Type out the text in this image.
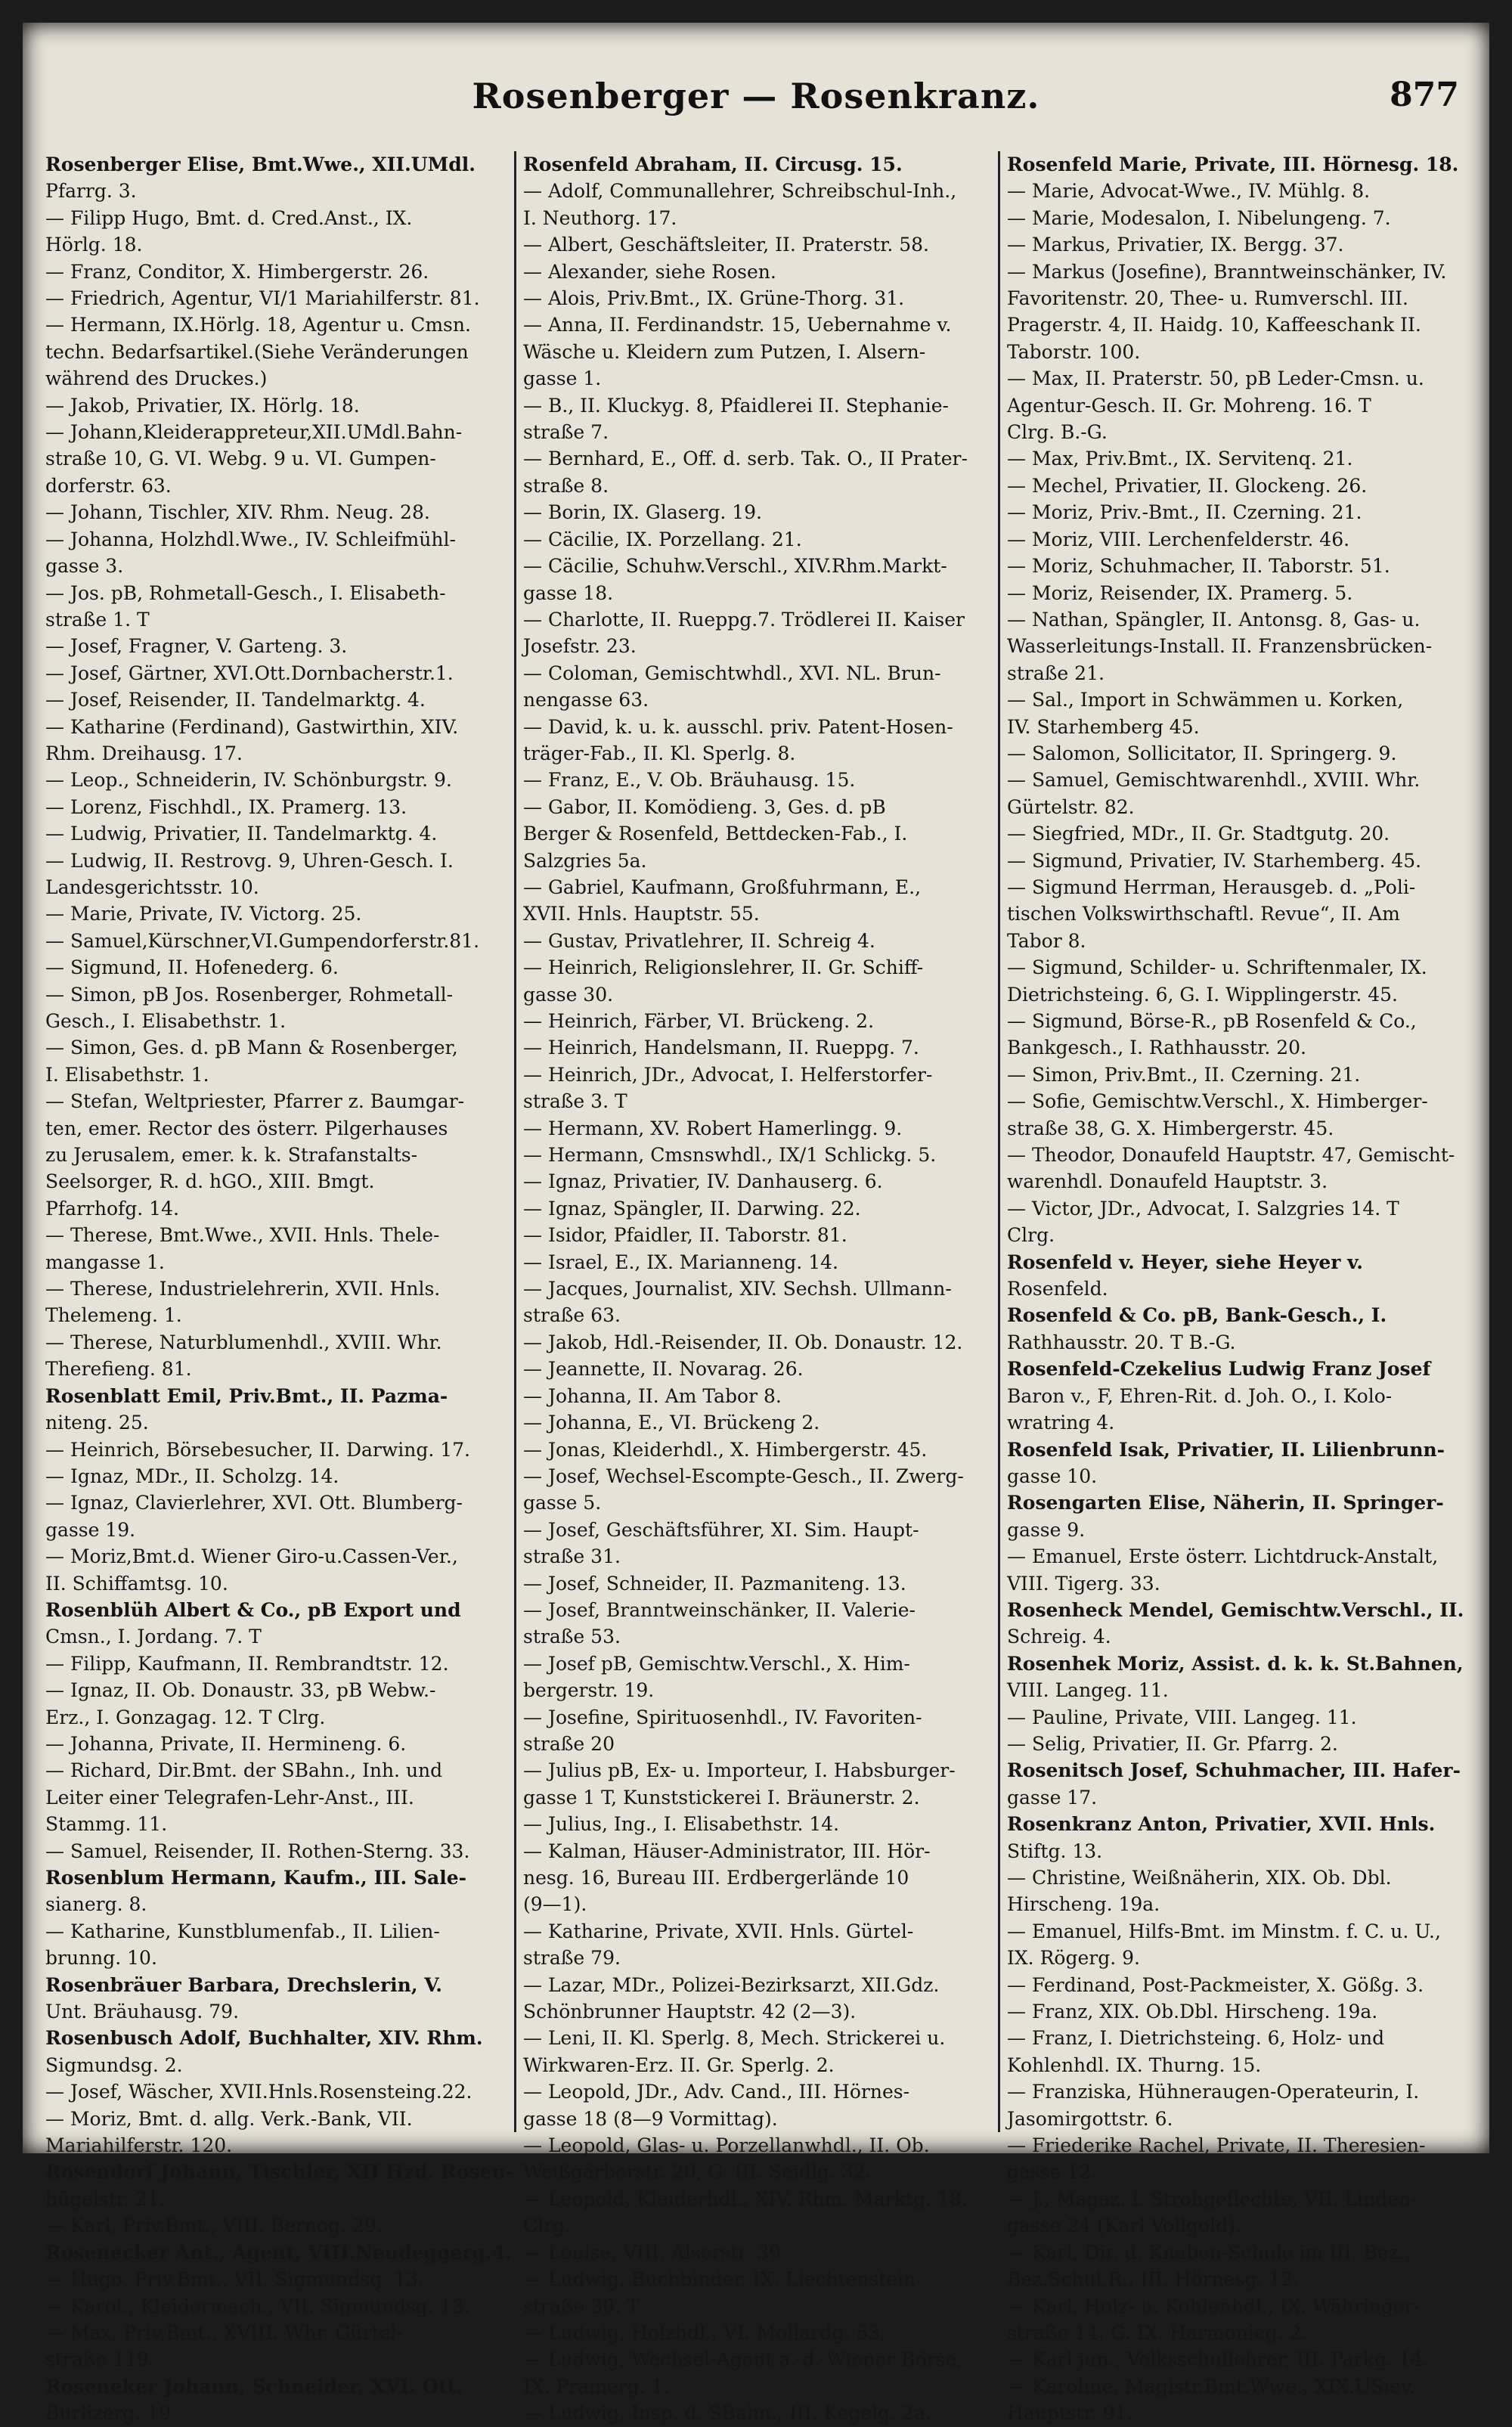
Rosenberger — Rosenkranz.	877
Rosenberger Elise, Bmt.Wwe., XII.UMdl.
Pfarrg. 3.
— Filipp Hugo, Bmt. d. Cred.Anst., IX.
Hörlg. 18.
— Franz, Conditor, X. Himbergerstr. 26.
— Friedrich, Agentur, VI/1 Mariahilferstr. 81.
— Hermann, IX.Hörlg. 18, Agentur u. Cmsn.
techn. Bedarfsartikel.(Siehe Veränderungen
während des Druckes.)
— Jakob, Privatier, IX. Hörlg. 18.
— Johann,Kleiderappreteur,XII.UMdl.Bahn-
straße 10, G. VI. Webg. 9 u. VI. Gumpen-
dorferstr. 63.
— Johann, Tischler, XIV. Rhm. Neug. 28.
— Johanna, Holzhdl.Wwe., IV. Schleifmühl-
gasse 3.
— Jos. pB, Rohmetall-Gesch., I. Elisabeth-
straße 1. T
— Josef, Fragner, V. Garteng. 3.
— Josef, Gärtner, XVI.Ott.Dornbacherstr.1.
— Josef, Reisender, II. Tandelmarktg. 4.
— Katharine (Ferdinand), Gastwirthin, XIV.
Rhm. Dreihausg. 17.
— Leop., Schneiderin, IV. Schönburgstr. 9.
— Lorenz, Fischhdl., IX. Pramerg. 13.
— Ludwig, Privatier, II. Tandelmarktg. 4.
— Ludwig, II. Restrovg. 9, Uhren-Gesch. I.
Landesgerichtsstr. 10.
— Marie, Private, IV. Victorg. 25.
— Samuel,Kürschner,VI.Gumpendorferstr.81.
— Sigmund, II. Hofenederg. 6.
— Simon, pB Jos. Rosenberger, Rohmetall-
Gesch., I. Elisabethstr. 1.
— Simon, Ges. d. pB Mann & Rosenberger,
I. Elisabethstr. 1.
— Stefan, Weltpriester, Pfarrer z. Baumgar-
ten, emer. Rector des österr. Pilgerhauses
zu Jerusalem, emer. k. k. Strafanstalts-
Seelsorger, R. d. hGO., XIII. Bmgt.
Pfarrhofg. 14.
— Therese, Bmt.Wwe., XVII. Hnls. Thele-
mangasse 1.
— Therese, Industrielehrerin, XVII. Hnls.
Thelemeng. 1.
— Therese, Naturblumenhdl., XVIII. Whr.
Therefieng. 81.
Rosenblatt Emil, Priv.Bmt., II. Pazma-
niteng. 25.
— Heinrich, Börsebesucher, II. Darwing. 17.
— Ignaz, MDr., II. Scholzg. 14.
— Ignaz, Clavierlehrer, XVI. Ott. Blumberg-
gasse 19.
— Moriz,Bmt.d. Wiener Giro-u.Cassen-Ver.,
II. Schiffamtsg. 10.
Rosenblüh Albert & Co., pB Export und
Cmsn., I. Jordang. 7. T
— Filipp, Kaufmann, II. Rembrandtstr. 12.
— Ignaz, II. Ob. Donaustr. 33, pB Webw.-
Erz., I. Gonzagag. 12. T Clrg.
— Johanna, Private, II. Hermineng. 6.
— Richard, Dir.Bmt. der SBahn., Inh. und
Leiter einer Telegrafen-Lehr-Anst., III.
Stammg. 11.
— Samuel, Reisender, II. Rothen-Sterng. 33.
Rosenblum Hermann, Kaufm., III. Sale-
sianerg. 8.
— Katharine, Kunstblumenfab., II. Lilien-
brunng. 10.
Rosenbräuer Barbara, Drechslerin, V.
Unt. Bräuhausg. 79.
Rosenbusch Adolf, Buchhalter, XIV. Rhm.
Sigmundsg. 2.
— Josef, Wäscher, XVII.Hnls.Rosensteing.22.
— Moriz, Bmt. d. allg. Verk.-Bank, VII.
Mariahilferstr. 120.
Rosendorf Johann, Tischler, XII Hzd. Rosen-
hügelstr. 21.
— Karl, Priv.Bmt., VIII. Bernog. 29.
Rosenecker Ant., Agent, VIII.Neudeggerg.4.
— Hugo, Priv.Bmt., VII. Sigmundsg. 13.
— Karol., Kleidermach., VII. Sigmundsg. 13.
— Max, Priv.Bmt., XVIII. Whr. Gürtel-
straße 119.
Roseneker Johann, Schneider, XVI. Ott.
Burlizerg. 19
Rosenfeld Abraham, II. Circusg. 15.
— Adolf, Communallehrer, Schreibschul-Inh.,
I. Neuthorg. 17.
— Albert, Geschäftsleiter, II. Praterstr. 58.
— Alexander, siehe Rosen.
— Alois, Priv.Bmt., IX. Grüne-Thorg. 31.
— Anna, II. Ferdinandstr. 15, Uebernahme v.
Wäsche u. Kleidern zum Putzen, I. Alsern-
gasse 1.
— B., II. Kluckyg. 8, Pfaidlerei II. Stephanie-
straße 7.
— Bernhard, E., Off. d. serb. Tak. O., II Prater-
straße 8.
— Borin, IX. Glaserg. 19.
— Cäcilie, IX. Porzellang. 21.
— Cäcilie, Schuhw.Verschl., XIV.Rhm.Markt-
gasse 18.
— Charlotte, II. Rueppg.7. Trödlerei II. Kaiser
Josefstr. 23.
— Coloman, Gemischtwhdl., XVI. NL. Brun-
nengasse 63.
— David, k. u. k. ausschl. priv. Patent-Hosen-
träger-Fab., II. Kl. Sperlg. 8.
— Franz, E., V. Ob. Bräuhausg. 15.
— Gabor, II. Komödieng. 3, Ges. d. pB
Berger & Rosenfeld, Bettdecken-Fab., I.
Salzgries 5a.
— Gabriel, Kaufmann, Großfuhrmann, E.,
XVII. Hnls. Hauptstr. 55.
— Gustav, Privatlehrer, II. Schreig 4.
— Heinrich, Religionslehrer, II. Gr. Schiff-
gasse 30.
— Heinrich, Färber, VI. Brückeng. 2.
— Heinrich, Handelsmann, II. Rueppg. 7.
— Heinrich, JDr., Advocat, I. Helferstorfer-
straße 3. T
— Hermann, XV. Robert Hamerlingg. 9.
— Hermann, Cmsnswhdl., IX/1 Schlickg. 5.
— Ignaz, Privatier, IV. Danhauserg. 6.
— Ignaz, Spängler, II. Darwing. 22.
— Isidor, Pfaidler, II. Taborstr. 81.
— Israel, E., IX. Marianneng. 14.
— Jacques, Journalist, XIV. Sechsh. Ullmann-
straße 63.
— Jakob, Hdl.-Reisender, II. Ob. Donaustr. 12.
— Jeannette, II. Novarag. 26.
— Johanna, II. Am Tabor 8.
— Johanna, E., VI. Brückeng 2.
— Jonas, Kleiderhdl., X. Himbergerstr. 45.
— Josef, Wechsel-Escompte-Gesch., II. Zwerg-
gasse 5.
— Josef, Geschäftsführer, XI. Sim. Haupt-
straße 31.
— Josef, Schneider, II. Pazmaniteng. 13.
— Josef, Branntweinschänker, II. Valerie-
straße 53.
— Josef pB, Gemischtw.Verschl., X. Him-
bergerstr. 19.
— Josefine, Spirituosenhdl., IV. Favoriten-
straße 20
— Julius pB, Ex- u. Importeur, I. Habsburger-
gasse 1 T, Kunststickerei I. Bräunerstr. 2.
— Julius, Ing., I. Elisabethstr. 14.
— Kalman, Häuser-Administrator, III. Hör-
nesg. 16, Bureau III. Erdbergerlände 10
(9—1).
— Katharine, Private, XVII. Hnls. Gürtel-
straße 79.
— Lazar, MDr., Polizei-Bezirksarzt, XII.Gdz.
Schönbrunner Hauptstr. 42 (2—3).
— Leni, II. Kl. Sperlg. 8, Mech. Strickerei u.
Wirkwaren-Erz. II. Gr. Sperlg. 2.
— Leopold, JDr., Adv. Cand., III. Hörnes-
gasse 18 (8—9 Vormittag).
— Leopold, Glas- u. Porzellanwhdl., II. Ob.
Weißgärberstr. 20, G. III. Seidlg. 32.
— Leopold, Kleiderhdl., XIV. Rhm. Marktg. 18.
Clrg.
— Louise, VIII. Alserstr. 39.
— Ludwig, Buchbinder, IX. Liechtenstein-
straße 30. T
— Ludwig, Holzhdl., VI. Mollardg. 53.
— Ludwig, Wechsel-Agent a. d. Wiener Börse,
IX. Pramerg. 1.
— Ludwig, Insp. d. SBahn., III. Kegelg. 2a.
Rosenfeld Marie, Private, III. Hörnesg. 18.
— Marie, Advocat-Wwe., IV. Mühlg. 8.
— Marie, Modesalon, I. Nibelungeng. 7.
— Markus, Privatier, IX. Bergg. 37.
— Markus (Josefine), Branntweinschänker, IV.
Favoritenstr. 20, Thee- u. Rumverschl. III.
Pragerstr. 4, II. Haidg. 10, Kaffeeschank II.
Taborstr. 100.
— Max, II. Praterstr. 50, pB Leder-Cmsn. u.
Agentur-Gesch. II. Gr. Mohreng. 16. T
Clrg. B.-G.
— Max, Priv.Bmt., IX. Servitenq. 21.
— Mechel, Privatier, II. Glockeng. 26.
— Moriz, Priv.-Bmt., II. Czerning. 21.
— Moriz, VIII. Lerchenfelderstr. 46.
— Moriz, Schuhmacher, II. Taborstr. 51.
— Moriz, Reisender, IX. Pramerg. 5.
— Nathan, Spängler, II. Antonsg. 8, Gas- u.
Wasserleitungs-Install. II. Franzensbrücken-
straße 21.
— Sal., Import in Schwämmen u. Korken,
IV. Starhemberg 45.
— Salomon, Sollicitator, II. Springerg. 9.
— Samuel, Gemischtwarenhdl., XVIII. Whr.
Gürtelstr. 82.
— Siegfried, MDr., II. Gr. Stadtgutg. 20.
— Sigmund, Privatier, IV. Starhemberg. 45.
— Sigmund Herrman, Herausgeb. d. „Poli-
tischen Volkswirthschaftl. Revue“, II. Am
Tabor 8.
— Sigmund, Schilder- u. Schriftenmaler, IX.
Dietrichsteing. 6, G. I. Wipplingerstr. 45.
— Sigmund, Börse-R., pB Rosenfeld & Co.,
Bankgesch., I. Rathhausstr. 20.
— Simon, Priv.Bmt., II. Czerning. 21.
— Sofie, Gemischtw.Verschl., X. Himberger-
straße 38, G. X. Himbergerstr. 45.
— Theodor, Donaufeld Hauptstr. 47, Gemischt-
warenhdl. Donaufeld Hauptstr. 3.
— Victor, JDr., Advocat, I. Salzgries 14. T
Clrg.
Rosenfeld v. Heyer, siehe Heyer v.
Rosenfeld.
Rosenfeld & Co. pB, Bank-Gesch., I.
Rathhausstr. 20. T B.-G.
Rosenfeld-Czekelius Ludwig Franz Josef
Baron v., F, Ehren-Rit. d. Joh. O., I. Kolo-
wratring 4.
Rosenfeld Isak, Privatier, II. Lilienbrunn-
gasse 10.
Rosengarten Elise, Näherin, II. Springer-
gasse 9.
— Emanuel, Erste österr. Lichtdruck-Anstalt,
VIII. Tigerg. 33.
Rosenheck Mendel, Gemischtw.Verschl., II.
Schreig. 4.
Rosenhek Moriz, Assist. d. k. k. St.Bahnen,
VIII. Langeg. 11.
— Pauline, Private, VIII. Langeg. 11.
— Selig, Privatier, II. Gr. Pfarrg. 2.
Rosenitsch Josef, Schuhmacher, III. Hafer-
gasse 17.
Rosenkranz Anton, Privatier, XVII. Hnls.
Stiftg. 13.
— Christine, Weißnäherin, XIX. Ob. Dbl.
Hirscheng. 19a.
— Emanuel, Hilfs-Bmt. im Minstm. f. C. u. U.,
IX. Rögerg. 9.
— Ferdinand, Post-Packmeister, X. Gößg. 3.
— Franz, XIX. Ob.Dbl. Hirscheng. 19a.
— Franz, I. Dietrichsteing. 6, Holz- und
Kohlenhdl. IX. Thurng. 15.
— Franziska, Hühneraugen-Operateurin, I.
Jasomirgottstr. 6.
— Friederike Rachel, Private, II. Theresien-
gasse 12.
— J., Magaz. f. Strohgeflechte, VII. Linden-
gasse 24 (Karl Vollgold).
— Karl, Dir. d. Knaben-Schule im III. Bez.,
Bez.Schul.R., III. Hörnesg. 12.
— Karl, Holz- u. Kohlenhdl., IX. Währinger-
straße 14, G. IX. Harmonieg. 2.
— Karl jun., Volksschullehrer, III. Parkg. 14.
— Karoline, Magistr.Bmt.Wwe., XIX.USiev.
Hauptstr. 91.
